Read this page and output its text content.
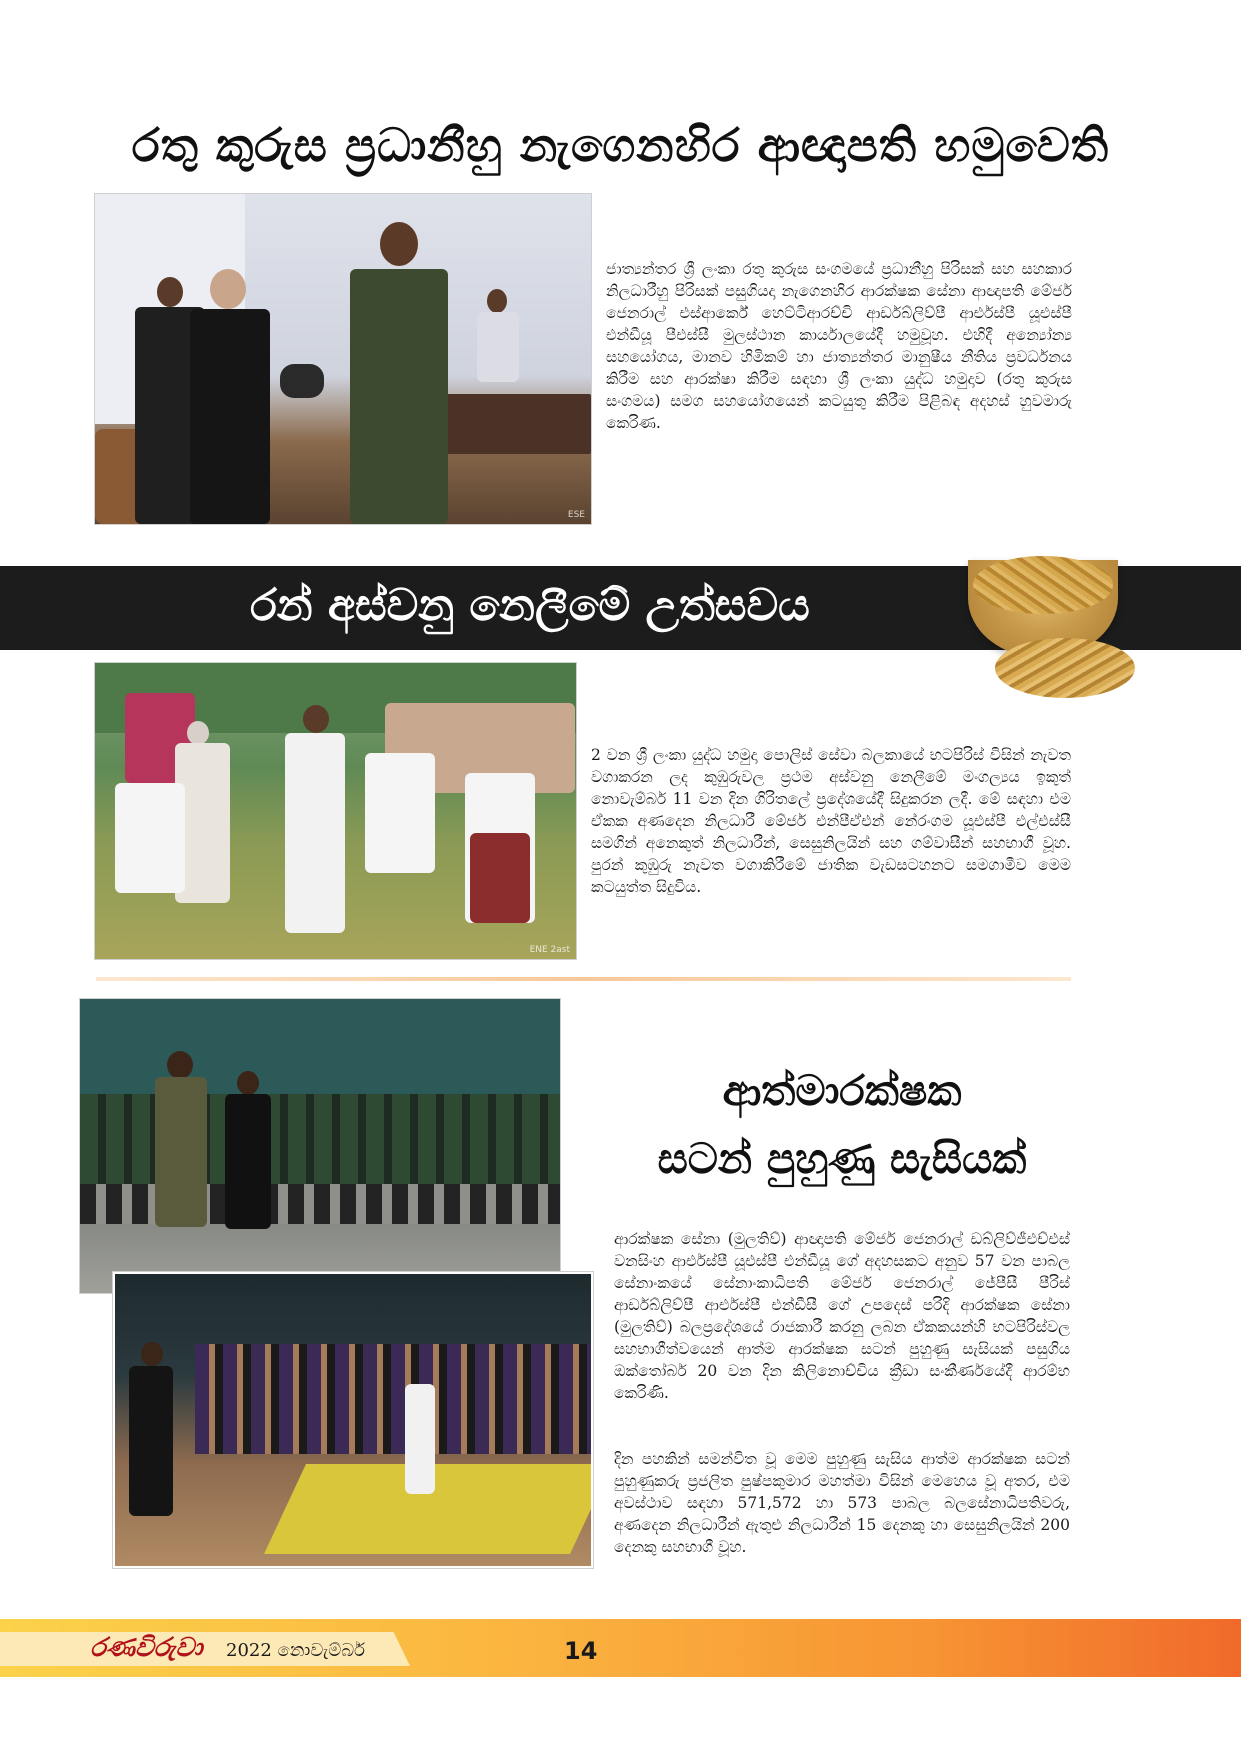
රතු කුරුස ප්‍රධානීහු නැගෙනහිර ආඥාපති හමුවෙති
ESE
ජාත්‍යන්තර ශ්‍රී ලංකා රතු කුරුස සංගමයේ ප්‍රධානීහු පිරිසක් සහ සහකාර නිලධාරීහු පිරිසක් පසුගියදා නැගෙනහිර ආරක්ෂක සේනා ආඥාපති මේජර් ජෙනරාල් එස්ආර්කේ හෙට්ටිආරච්චි ආර්ඩබ්ලිව්පී ආර්එස්පී යූඑස්පී එන්ඩීයූ පීඑස්සී මුලස්ථාන කාර්යාලයේදී හමුවූහ. එහිදී අන්‍යෝන්‍ය සහයෝගය, මානව හිමිකම් හා ජාත්‍යන්තර මානුෂීය නීතිය ප්‍රවර්ධනය කිරීම සහ ආරක්ෂා කිරීම සඳහා ශ්‍රී ලංකා යුද්ධ හමුදාව (රතු කුරුස සංගමය) සමග සහයෝගයෙන් කටයුතු කිරීම පිළිබඳ අදහස් හුවමාරු කෙරිණ.
රන් අස්වනු නෙලීමේ උත්සවය
ENE 2ast
2 වන ශ්‍රී ලංකා යුද්ධ හමුදා පොලිස් සේවා බලකායේ භටපිරිස් විසින් නැවත වගාකරන ලද කුඹුරුවල ප්‍රථම අස්වනු නෙලීමේ මංගල්‍යය ඉකුත් නොවැම්බර් 11 වන දින ගිරිතලේ ප්‍රදේශයේදී සිදුකරන ලදී. මේ සඳහා එම ඒකක අණදෙන නිලධාරී මේජර් එන්පීඒඑන් නේරංගම යූඑස්පී එල්එස්සී සමගින් අනෙකුත් නිලධාරීන්, සෙසුනිලයින් සහ ගම්වාසීන් සහභාගී වූහ. පුරන් කුඹුරු නැවත වගාකිරීමේ ජාතික වැඩසටහනට සමගාමීව මෙම කටයුත්ත සිදුවිය.
ආත්මාරක්ෂක
සටන් පුහුණු සැසියක්
ආරක්ෂක සේනා (මුලතිව්) ආඥාපති මේජර් ජෙනරාල් ඩබ්ලිව්ජීඑච්එස් වනසිංහ ආර්එස්පී යූඑස්පී එන්ඩීයූ ගේ අදහසකට අනුව 57 වන පාබල සේනාංකයේ සේනාංකාධිපති මේජර් ජෙනරාල් ජේපීසී පීරිස් ආර්ඩබ්ලිව්පී ආර්එස්පී එන්ඩීසී ගේ උපදෙස් පරිදි ආරක්ෂක සේනා (මුලතිව්) බලප්‍රදේශයේ රාජකාරී කරනු ලබන ඒකකයන්හි භටපිරිස්වල සහභාගීත්වයෙන් ආත්ම ආරක්ෂක සටන් පුහුණු සැසියක් පසුගිය ඔක්තෝබර් 20 වන දින කිලිනොච්චිය ක්‍රීඩා සංකීර්ණයේදී ආරම්භ කෙරිණි.
දින පහකින් සමන්විත වූ මෙම පුහුණු සැසිය ආත්ම ආරක්ෂක සටන් පුහුණුකරු ප්‍රජලිත පුෂ්පකුමාර මහත්මා විසින් මෙහෙය වූ අතර, එම අවස්ථාව සඳහා 571,572 හා 573 පාබල බලසේනාධිපතිවරු, අණදෙන නිලධාරීන් ඇතුළු නිලධාරීන් 15 දෙනකු හා සෙසුනිලයින් 200 දෙනකු සහභාගී වූහ.
රණවිරුවා 2022 නොවැම්බර්	14
